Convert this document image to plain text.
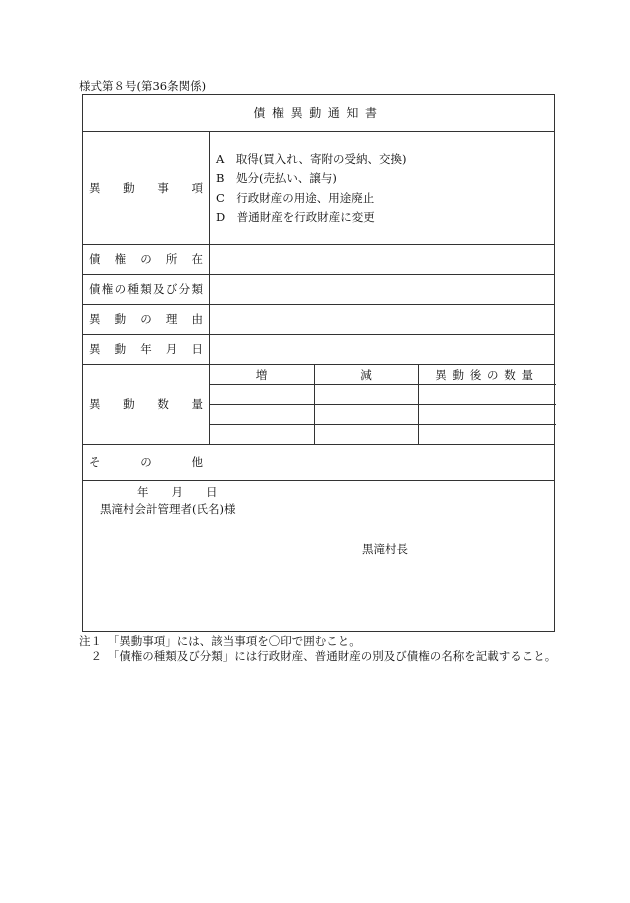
様式第８号(第36条関係)
債権異動通知書
異動事項
債権の所在
債権の種類及び分類
異動の理由
異動年月日
異動数量
その他
A　取得(買入れ、寄附の受納、交換)
B　処分(売払い、譲与)
C　行政財産の用途、用途廃止
D　普通財産を行政財産に変更
増	減	異動後の数量
年　　月　　日
黒滝村会計管理者(氏名)様
黒滝村長
注１　「異動事項」には、該当事項を〇印で囲むこと。
　２　「債権の種類及び分類」には行政財産、普通財産の別及び債権の名称を記載すること。
